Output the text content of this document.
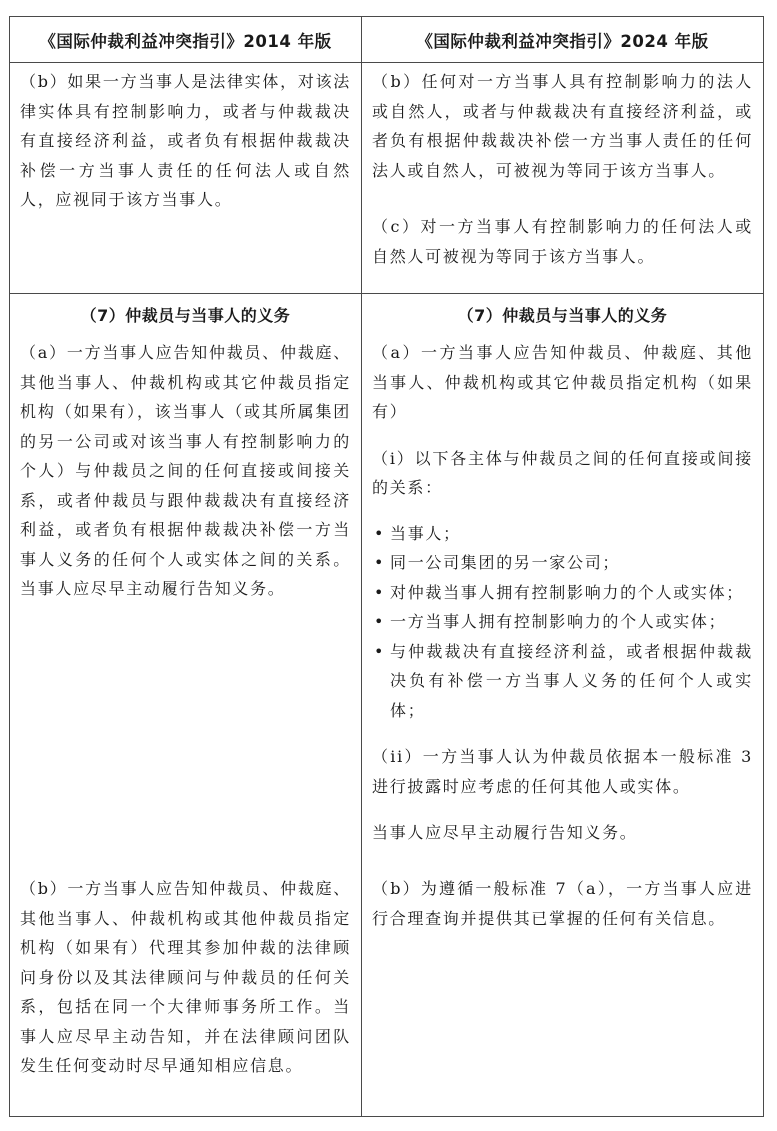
《国际仲裁利益冲突指引》2014 年版	《国际仲裁利益冲突指引》2024 年版

（b）如果一方当事人是法律实体，对该法律实体具有控制影响力，或者与仲裁裁决有直接经济利益，或者负有根据仲裁裁决补偿一方当事人责任的任何法人或自然人，应视同于该方当事人。

（b）任何对一方当事人具有控制影响力的法人或自然人，或者与仲裁裁决有直接经济利益，或者负有根据仲裁裁决补偿一方当事人责任的任何法人或自然人，可被视为等同于该方当事人。

（c）对一方当事人有控制影响力的任何法人或自然人可被视为等同于该方当事人。

（7）仲裁员与当事人的义务

（a）一方当事人应告知仲裁员、仲裁庭、其他当事人、仲裁机构或其它仲裁员指定机构（如果有），该当事人（或其所属集团的另一公司或对该当事人有控制影响力的个人）与仲裁员之间的任何直接或间接关系，或者仲裁员与跟仲裁裁决有直接经济利益，或者负有根据仲裁裁决补偿一方当事人义务的任何个人或实体之间的关系。当事人应尽早主动履行告知义务。

（7）仲裁员与当事人的义务

（a）一方当事人应告知仲裁员、仲裁庭、其他当事人、仲裁机构或其它仲裁员指定机构（如果有）

（i）以下各主体与仲裁员之间的任何直接或间接的关系：

• 当事人；
• 同一公司集团的另一家公司；
• 对仲裁当事人拥有控制影响力的个人或实体；
• 一方当事人拥有控制影响力的个人或实体；
• 与仲裁裁决有直接经济利益，或者根据仲裁裁决负有补偿一方当事人义务的任何个人或实体；

（ii）一方当事人认为仲裁员依据本一般标准 3 进行披露时应考虑的任何其他人或实体。

当事人应尽早主动履行告知义务。

（b）一方当事人应告知仲裁员、仲裁庭、其他当事人、仲裁机构或其他仲裁员指定机构（如果有）代理其参加仲裁的法律顾问身份以及其法律顾问与仲裁员的任何关系，包括在同一个大律师事务所工作。当事人应尽早主动告知，并在法律顾问团队发生任何变动时尽早通知相应信息。

（b）为遵循一般标准 7（a），一方当事人应进行合理查询并提供其已掌握的任何有关信息。
